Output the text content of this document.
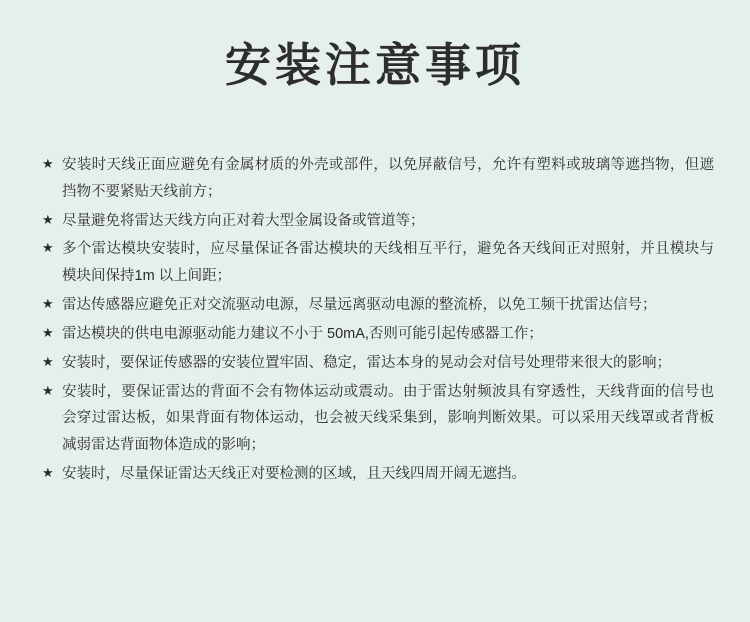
安装注意事项
★ 安装时天线正面应避免有金属材质的外壳或部件，以免屏蔽信号，允许有塑料或玻璃等遮挡物，但遮挡物不要紧贴天线前方；
★ 尽量避免将雷达天线方向正对着大型金属设备或管道等；
★ 多个雷达模块安装时，应尽量保证各雷达模块的天线相互平行，避免各天线间正对照射，并且模块与模块间保持1m 以上间距；
★ 雷达传感器应避免正对交流驱动电源，尽量远离驱动电源的整流桥，以免工频干扰雷达信号；
★ 雷达模块的供电电源驱动能力建议不小于 50mA,否则可能引起传感器工作；
★ 安装时，要保证传感器的安装位置牢固、稳定，雷达本身的晃动会对信号处理带来很大的影响；
★ 安装时，要保证雷达的背面不会有物体运动或震动。由于雷达射频波具有穿透性，天线背面的信号也会穿过雷达板，如果背面有物体运动，也会被天线采集到，影响判断效果。可以采用天线罩或者背板减弱雷达背面物体造成的影响；
★ 安装时，尽量保证雷达天线正对要检测的区域，且天线四周开阔无遮挡。
